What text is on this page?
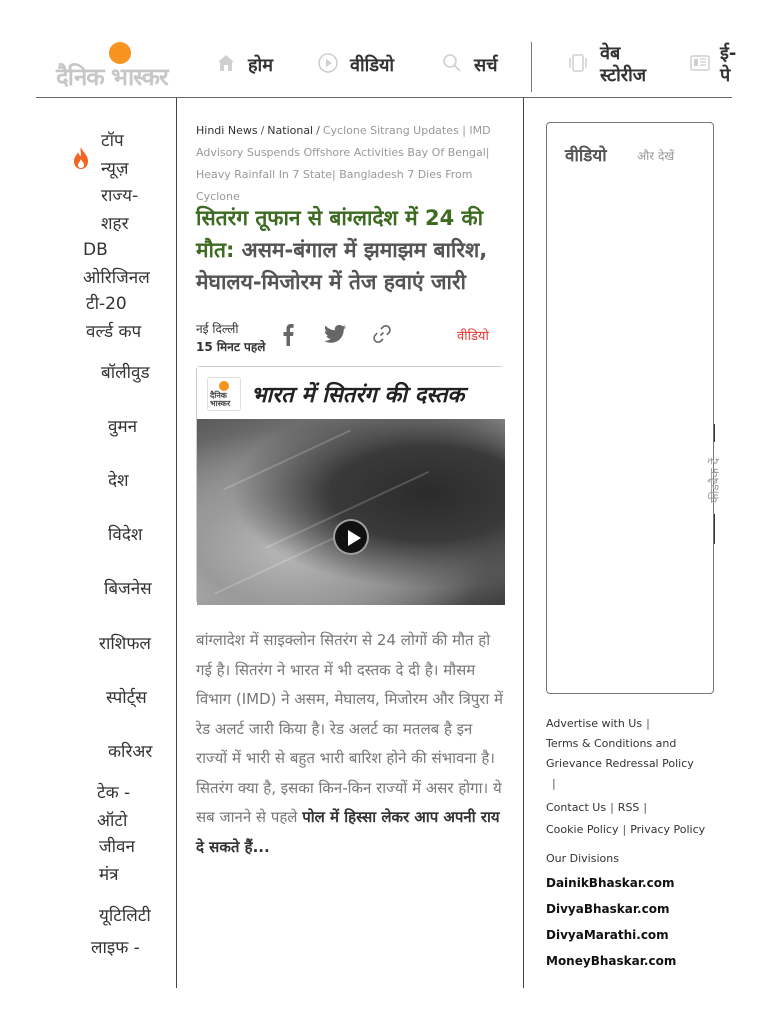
दैनिक भास्कर	होम	वीडियो	सर्च
वेब
स्टोरीज
ई-
पे
टॉप
न्यूज़
राज्य-
शहर
DB
ओरिजिनल
टी-20
वर्ल्ड कप
बॉलीवुड
वुमन
देश
विदेश
बिजनेस
राशिफल
स्पोर्ट्स
करिअर
टेक -
ऑटो
जीवन
मंत्र
यूटिलिटी
लाइफ -
Hindi News / National / Cyclone Sitrang Updates | IMD Advisory Suspends Offshore Activities Bay Of Bengal| Heavy Rainfall In 7 State| Bangladesh 7 Dies From Cyclone
सितरंग तूफान से बांग्लादेश में 24 की मौत: असम-बंगाल में झमाझम बारिश, मेघालय-मिजोरम में तेज हवाएं जारी
नई दिल्ली
15 मिनट पहले
वीडियो
दैनिक
भास्कर भारत में सितरंग की दस्तक

बांग्लादेश में साइक्लोन सितरंग से 24 लोगों की मौत हो गई है। सितरंग ने भारत में भी दस्तक दे दी है। मौसम विभाग (IMD) ने असम, मेघालय, मिजोरम और त्रिपुरा में रेड अलर्ट जारी किया है। रेड अलर्ट का मतलब है इन राज्यों में भारी से बहुत भारी बारिश होने की संभावना है। सितरंग क्या है, इसका किन-किन राज्यों में असर होगा। ये सब जानने से पहले पोल में हिस्सा लेकर आप अपनी राय दे सकते हैं...

वीडियो	और देखें
फीडबैक दें
Advertise with Us |
Terms & Conditions and Grievance Redressal Policy
|
Contact Us | RSS |
Cookie Policy | Privacy Policy
Our Divisions
DainikBhaskar.com
DivyaBhaskar.com
DivyaMarathi.com
MoneyBhaskar.com
